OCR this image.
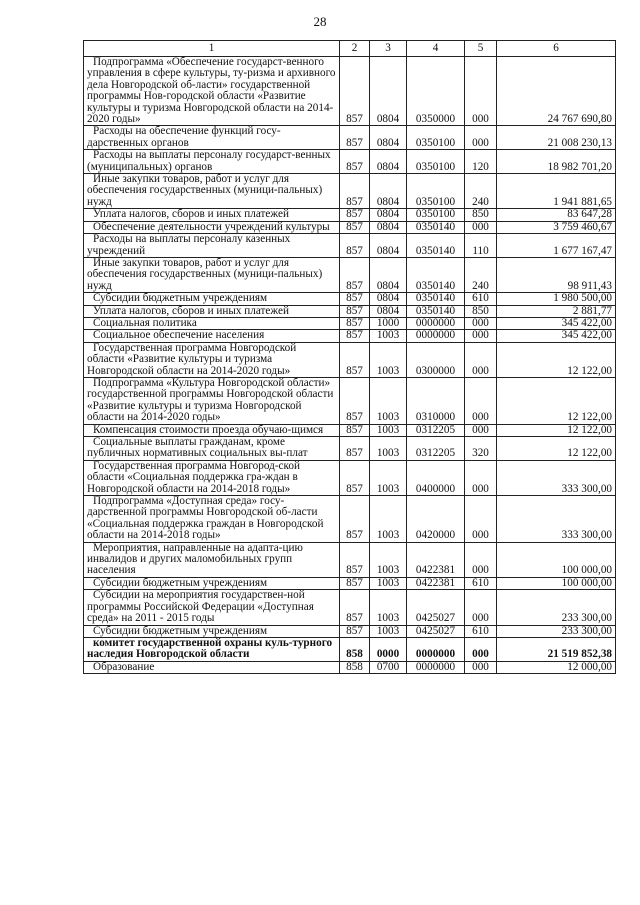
28
1	2	3	4	5	6
Подпрограмма «Обеспечение государст-венного управления в сфере культуры, ту-ризма и архивного дела Новгородской об-ласти» государственной программы Нов-городской области «Развитие культуры и туризма Новгородской области на 2014-2020 годы»	857	0804	0350000	000	24 767 690,80
Расходы на обеспечение функций госу-дарственных органов	857	0804	0350100	000	21 008 230,13
Расходы на выплаты персоналу государст-венных (муниципальных) органов	857	0804	0350100	120	18 982 701,20
Иные закупки товаров, работ и услуг для обеспечения государственных (муници-пальных) нужд	857	0804	0350100	240	1 941 881,65
Уплата налогов, сборов и иных платежей	857	0804	0350100	850	83 647,28
Обеспечение деятельности учреждений культуры	857	0804	0350140	000	3 759 460,67
Расходы на выплаты персоналу казенных учреждений	857	0804	0350140	110	1 677 167,47
Иные закупки товаров, работ и услуг для обеспечения государственных (муници-пальных) нужд	857	0804	0350140	240	98 911,43
Субсидии бюджетным учреждениям	857	0804	0350140	610	1 980 500,00
Уплата налогов, сборов и иных платежей	857	0804	0350140	850	2 881,77
Социальная политика	857	1000	0000000	000	345 422,00
Социальное обеспечение населения	857	1003	0000000	000	345 422,00
Государственная программа Новгородской области «Развитие культуры и туризма Новгородской области на 2014-2020 годы»	857	1003	0300000	000	12 122,00
Подпрограмма «Культура Новгородской области» государственной программы Новгородской области «Развитие культуры и туризма Новгородской области на 2014-2020 годы»	857	1003	0310000	000	12 122,00
Компенсация стоимости проезда обучаю-щимся	857	1003	0312205	000	12 122,00
Социальные выплаты гражданам, кроме публичных нормативных социальных вы-плат	857	1003	0312205	320	12 122,00
Государственная программа Новгород-ской области «Социальная поддержка гра-ждан в Новгородской области на 2014-2018 годы»	857	1003	0400000	000	333 300,00
Подпрограмма «Доступная среда» госу-дарственной программы Новгородской об-ласти «Социальная поддержка граждан в Новгородской области на 2014-2018 годы»	857	1003	0420000	000	333 300,00
Мероприятия, направленные на адапта-цию инвалидов и других маломобильных групп населения	857	1003	0422381	000	100 000,00
Субсидии бюджетным учреждениям	857	1003	0422381	610	100 000,00
Субсидии на мероприятия государствен-ной программы Российской Федерации «Доступная среда» на 2011 - 2015 годы	857	1003	0425027	000	233 300,00
Субсидии бюджетным учреждениям	857	1003	0425027	610	233 300,00
комитет государственной охраны куль-турного наследия Новгородской области	858	0000	0000000	000	21 519 852,38
Образование	858	0700	0000000	000	12 000,00
